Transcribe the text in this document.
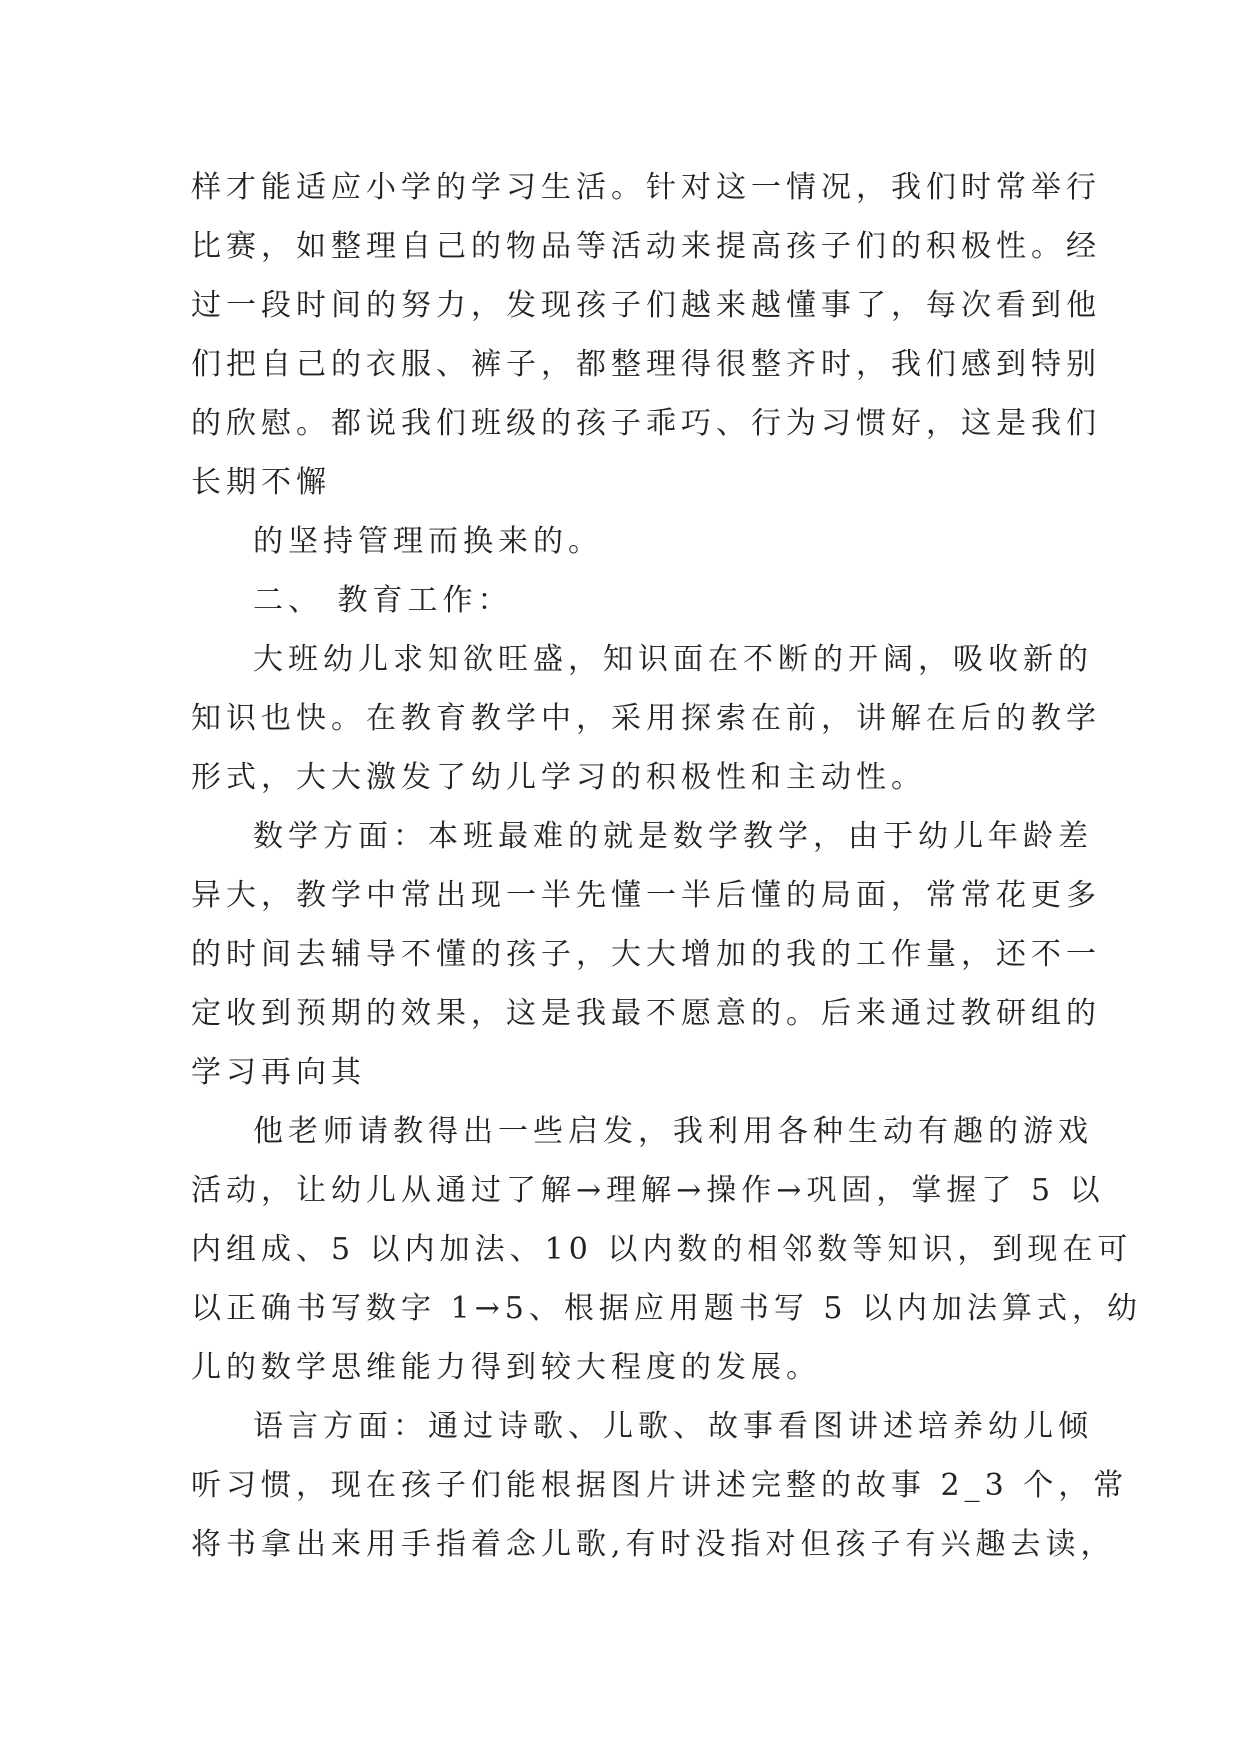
样才能适应小学的学习生活。针对这一情况，我们时常举行
比赛，如整理自己的物品等活动来提高孩子们的积极性。经
过一段时间的努力，发现孩子们越来越懂事了，每次看到他
们把自己的衣服、裤子，都整理得很整齐时，我们感到特别
的欣慰。都说我们班级的孩子乖巧、行为习惯好，这是我们
长期不懈
的坚持管理而换来的。
二、 教育工作：
大班幼儿求知欲旺盛，知识面在不断的开阔，吸收新的
知识也快。在教育教学中，采用探索在前，讲解在后的教学
形式，大大激发了幼儿学习的积极性和主动性。
数学方面：本班最难的就是数学教学，由于幼儿年龄差
异大，教学中常出现一半先懂一半后懂的局面，常常花更多
的时间去辅导不懂的孩子，大大增加的我的工作量，还不一
定收到预期的效果，这是我最不愿意的。后来通过教研组的
学习再向其
他老师请教得出一些启发，我利用各种生动有趣的游戏
活动，让幼儿从通过了解→理解→操作→巩固，掌握了 5 以
内组成、5 以内加法、10 以内数的相邻数等知识，到现在可
以正确书写数字 1→5、根据应用题书写 5 以内加法算式，幼
儿的数学思维能力得到较大程度的发展。
语言方面：通过诗歌、儿歌、故事看图讲述培养幼儿倾
听习惯，现在孩子们能根据图片讲述完整的故事 2_3 个，常
将书拿出来用手指着念儿歌,有时没指对但孩子有兴趣去读，
